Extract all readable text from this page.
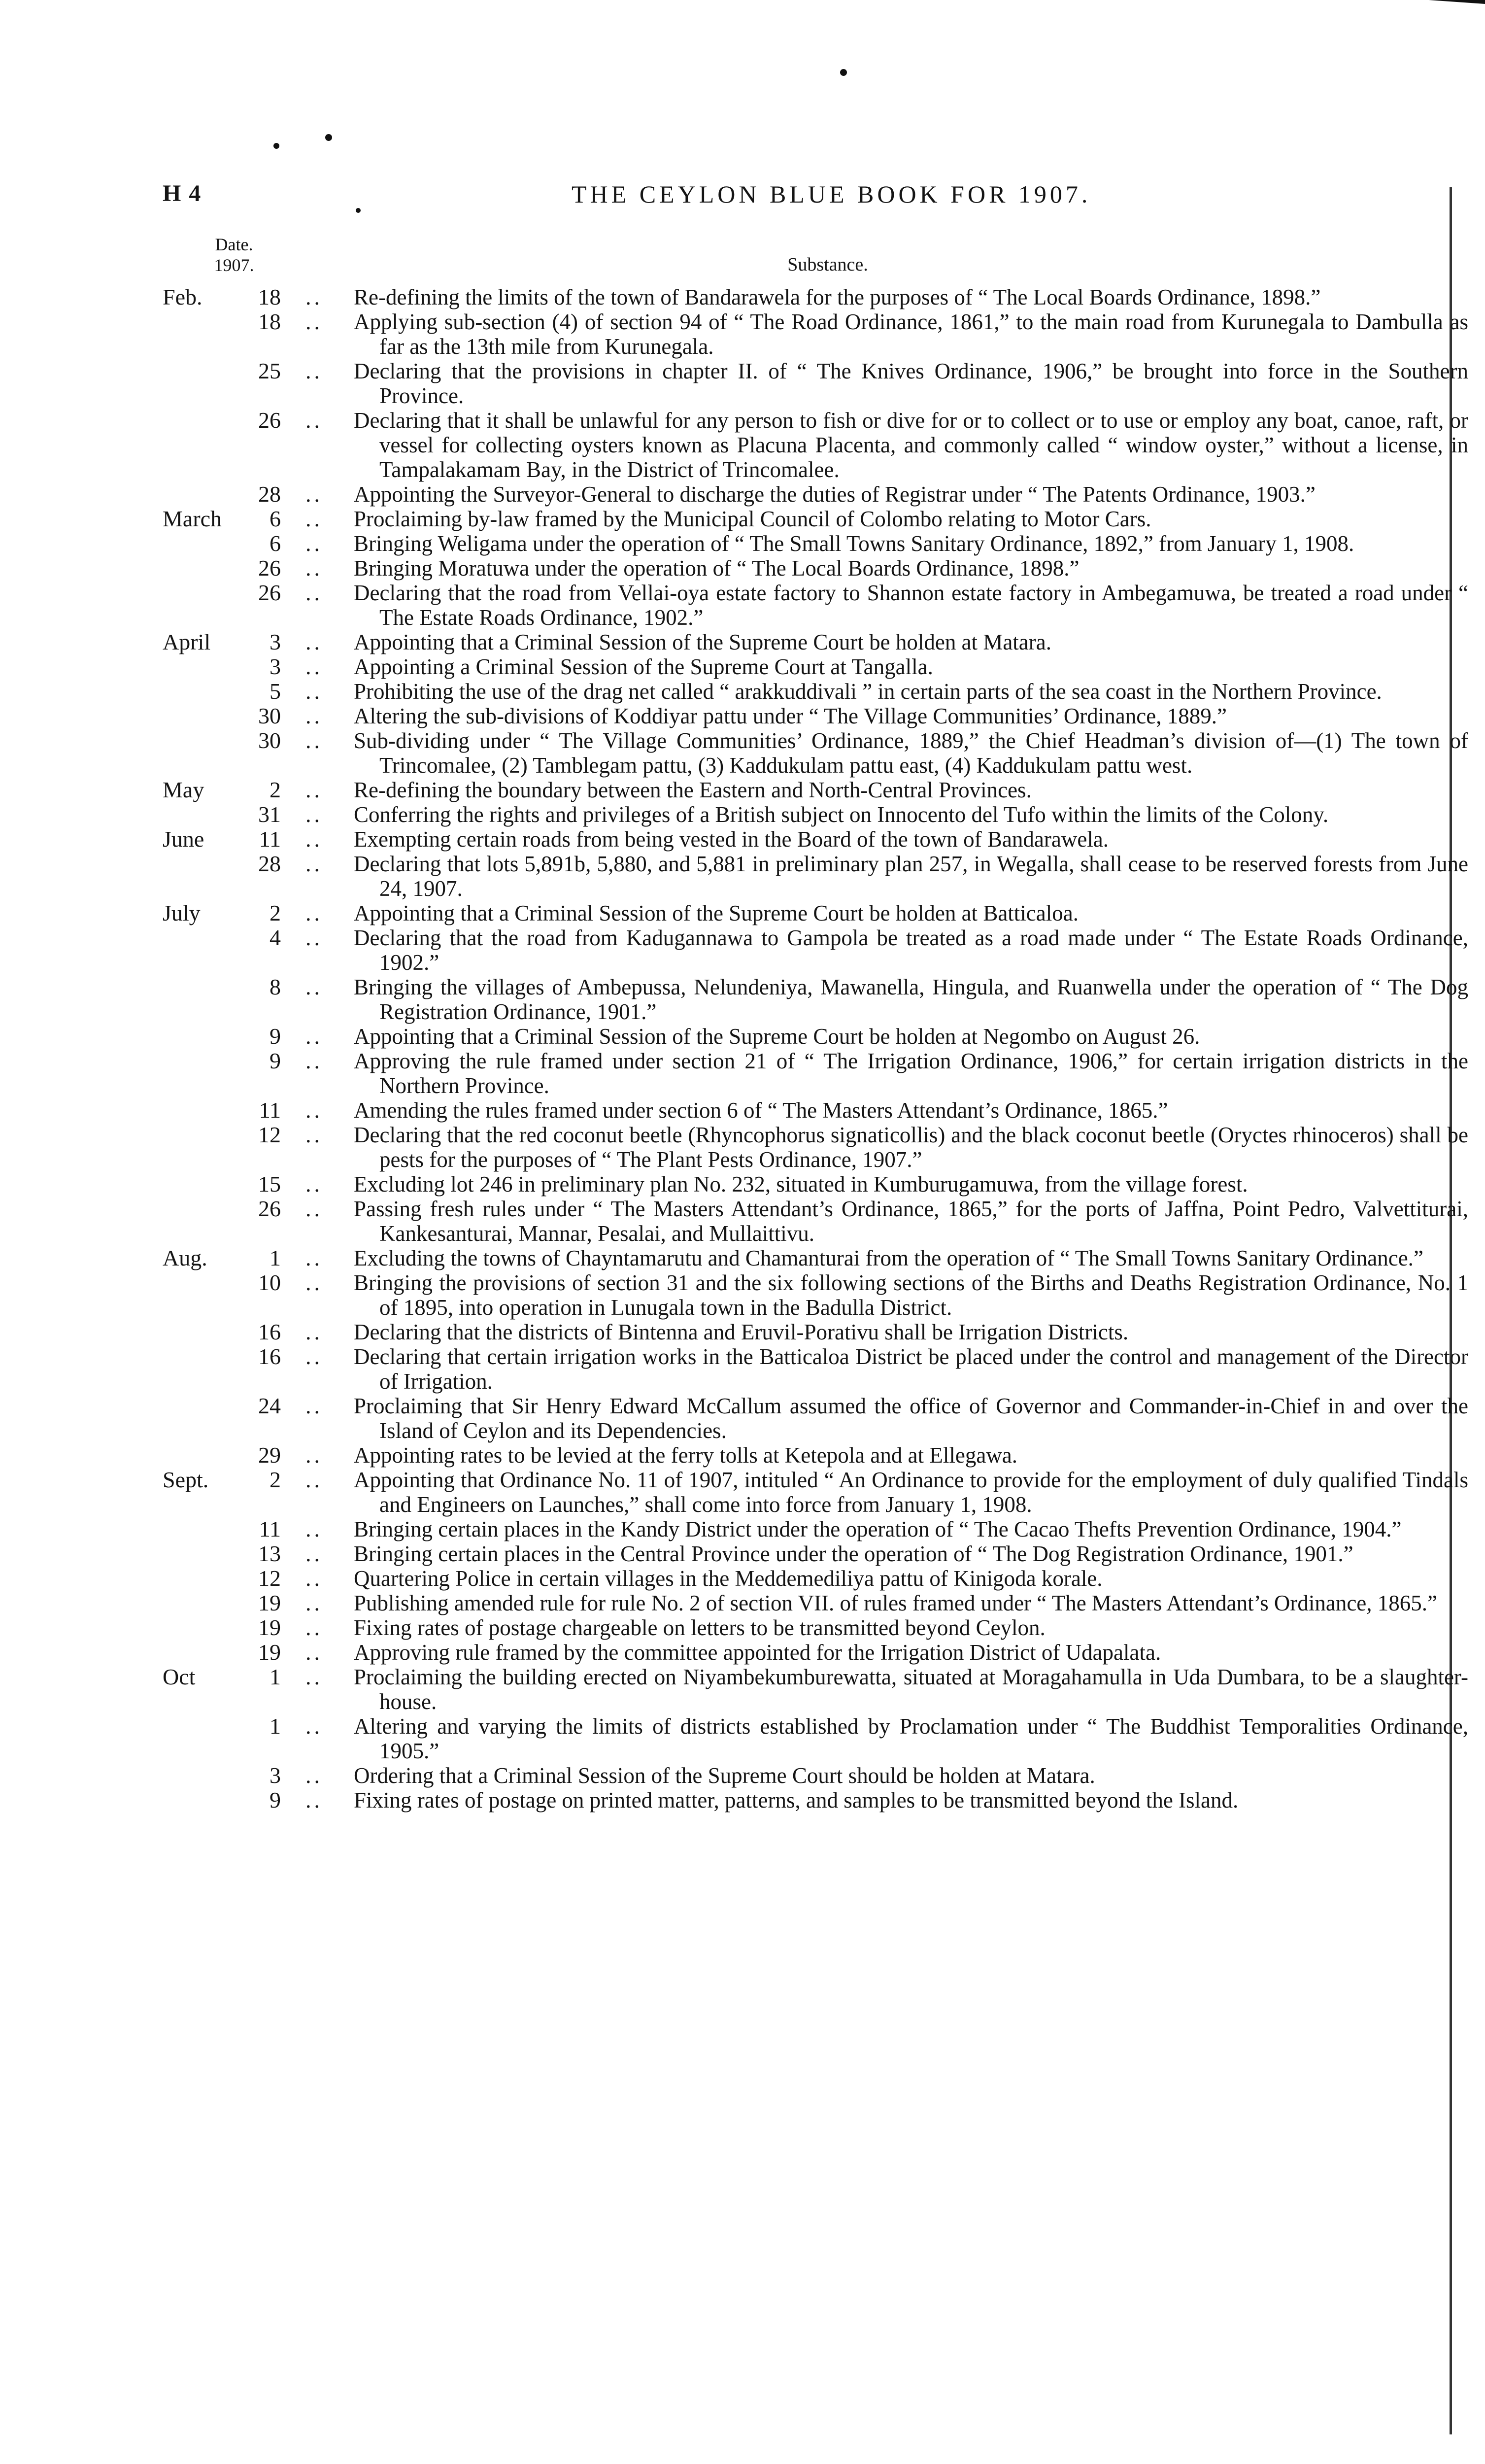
H 4	THE CEYLON BLUE BOOK FOR 1907.
Date.
1907.	Substance.
Feb.	18 ..	Re-defining the limits of the town of Bandarawela for the purposes of “ The Local Boards Ordinance, 1898.”
18 ..	Applying sub-section (4) of section 94 of “ The Road Ordinance, 1861,” to the main road from Kurunegala to Dambulla as far as the 13th mile from Kurunegala.
25 ..	Declaring that the provisions in chapter II. of “ The Knives Ordinance, 1906,” be brought into force in the Southern Province.
26 ..	Declaring that it shall be unlawful for any person to fish or dive for or to collect or to use or employ any boat, canoe, raft, or vessel for collecting oysters known as Placuna Placenta, and commonly called “ window oyster,” without a license, in Tampalakamam Bay, in the District of Trincomalee.
28 ..	Appointing the Surveyor-General to discharge the duties of Registrar under “ The Patents Ordinance, 1903.”
March	6 ..	Proclaiming by-law framed by the Municipal Council of Colombo relating to Motor Cars.
6 ..	Bringing Weligama under the operation of “ The Small Towns Sanitary Ordinance, 1892,” from January 1, 1908.
26 ..	Bringing Moratuwa under the operation of “ The Local Boards Ordinance, 1898.”
26 ..	Declaring that the road from Vellai-oya estate factory to Shannon estate factory in Ambegamuwa, be treated a road under “ The Estate Roads Ordinance, 1902.”
April	3 ..	Appointing that a Criminal Session of the Supreme Court be holden at Matara.
3 ..	Appointing a Criminal Session of the Supreme Court at Tangalla.
5 ..	Prohibiting the use of the drag net called “ arakkuddivali ” in certain parts of the sea coast in the Northern Province.
30 ..	Altering the sub-divisions of Koddiyar pattu under “ The Village Communities’ Ordinance, 1889.”
30 ..	Sub-dividing under “ The Village Communities’ Ordinance, 1889,” the Chief Headman’s division of—(1) The town of Trincomalee, (2) Tamblegam pattu, (3) Kaddukulam pattu east, (4) Kaddukulam pattu west.
May	2 ..	Re-defining the boundary between the Eastern and North-Central Provinces.
31 ..	Conferring the rights and privileges of a British subject on Innocento del Tufo within the limits of the Colony.
June	11 ..	Exempting certain roads from being vested in the Board of the town of Bandarawela.
28 ..	Declaring that lots 5,891b, 5,880, and 5,881 in preliminary plan 257, in Wegalla, shall cease to be reserved forests from June 24, 1907.
July	2 ..	Appointing that a Criminal Session of the Supreme Court be holden at Batticaloa.
4 ..	Declaring that the road from Kadugannawa to Gampola be treated as a road made under “ The Estate Roads Ordinance, 1902.”
8 ..	Bringing the villages of Ambepussa, Nelundeniya, Mawanella, Hingula, and Ruanwella under the operation of “ The Dog Registration Ordinance, 1901.”
9 ..	Appointing that a Criminal Session of the Supreme Court be holden at Negombo on August 26.
9 ..	Approving the rule framed under section 21 of “ The Irrigation Ordinance, 1906,” for certain irrigation districts in the Northern Province.
11 ..	Amending the rules framed under section 6 of “ The Masters Attendant’s Ordinance, 1865.”
12 ..	Declaring that the red coconut beetle (Rhyncophorus signaticollis) and the black coconut beetle (Oryctes rhinoceros) shall be pests for the purposes of “ The Plant Pests Ordinance, 1907.”
15 ..	Excluding lot 246 in preliminary plan No. 232, situated in Kumburugamuwa, from the village forest.
26 ..	Passing fresh rules under “ The Masters Attendant’s Ordinance, 1865,” for the ports of Jaffna, Point Pedro, Valvettiturai, Kankesanturai, Mannar, Pesalai, and Mullaittivu.
Aug.	1 ..	Excluding the towns of Chayntamarutu and Chamanturai from the operation of “ The Small Towns Sanitary Ordinance.”
10 ..	Bringing the provisions of section 31 and the six following sections of the Births and Deaths Registration Ordinance, No. 1 of 1895, into operation in Lunugala town in the Badulla District.
16 ..	Declaring that the districts of Bintenna and Eruvil-Porativu shall be Irrigation Districts.
16 ..	Declaring that certain irrigation works in the Batticaloa District be placed under the control and management of the Director of Irrigation.
24 ..	Proclaiming that Sir Henry Edward McCallum assumed the office of Governor and Commander-in-Chief in and over the Island of Ceylon and its Dependencies.
29 ..	Appointing rates to be levied at the ferry tolls at Ketepola and at Ellegawa.
Sept.	2 ..	Appointing that Ordinance No. 11 of 1907, intituled “ An Ordinance to provide for the employment of duly qualified Tindals and Engineers on Launches,” shall come into force from January 1, 1908.
11 ..	Bringing certain places in the Kandy District under the operation of “ The Cacao Thefts Prevention Ordinance, 1904.”
13 ..	Bringing certain places in the Central Province under the operation of “ The Dog Registration Ordinance, 1901.”
12 ..	Quartering Police in certain villages in the Meddemediliya pattu of Kinigoda korale.
19 ..	Publishing amended rule for rule No. 2 of section VII. of rules framed under “ The Masters Attendant’s Ordinance, 1865.”
19 ..	Fixing rates of postage chargeable on letters to be transmitted beyond Ceylon.
19 ..	Approving rule framed by the committee appointed for the Irrigation District of Udapalata.
Oct	1 ..	Proclaiming the building erected on Niyambekumburewatta, situated at Moragahamulla in Uda Dumbara, to be a slaughter-house.
1 ..	Altering and varying the limits of districts established by Proclamation under “ The Buddhist Temporalities Ordinance, 1905.”
3 ..	Ordering that a Criminal Session of the Supreme Court should be holden at Matara.
9 ..	Fixing rates of postage on printed matter, patterns, and samples to be transmitted beyond the Island.
